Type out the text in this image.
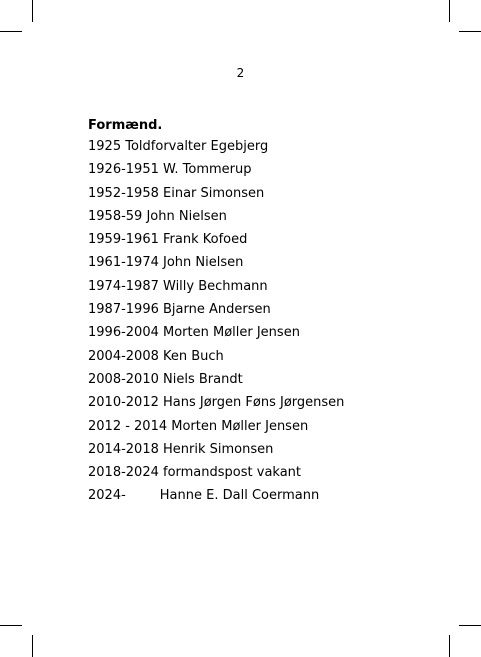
2
Formænd.
1925 Toldforvalter Egebjerg
1926-1951 W. Tommerup
1952-1958 Einar Simonsen
1958-59 John Nielsen
1959-1961 Frank Kofoed
1961-1974 John Nielsen
1974-1987 Willy Bechmann
1987-1996 Bjarne Andersen
1996-2004 Morten Møller Jensen
2004-2008 Ken Buch
2008-2010 Niels Brandt
2010-2012 Hans Jørgen Føns Jørgensen
2012 - 2014 Morten Møller Jensen
2014-2018 Henrik Simonsen
2018-2024 formandspost vakant
2024-	Hanne E. Dall Coermann
